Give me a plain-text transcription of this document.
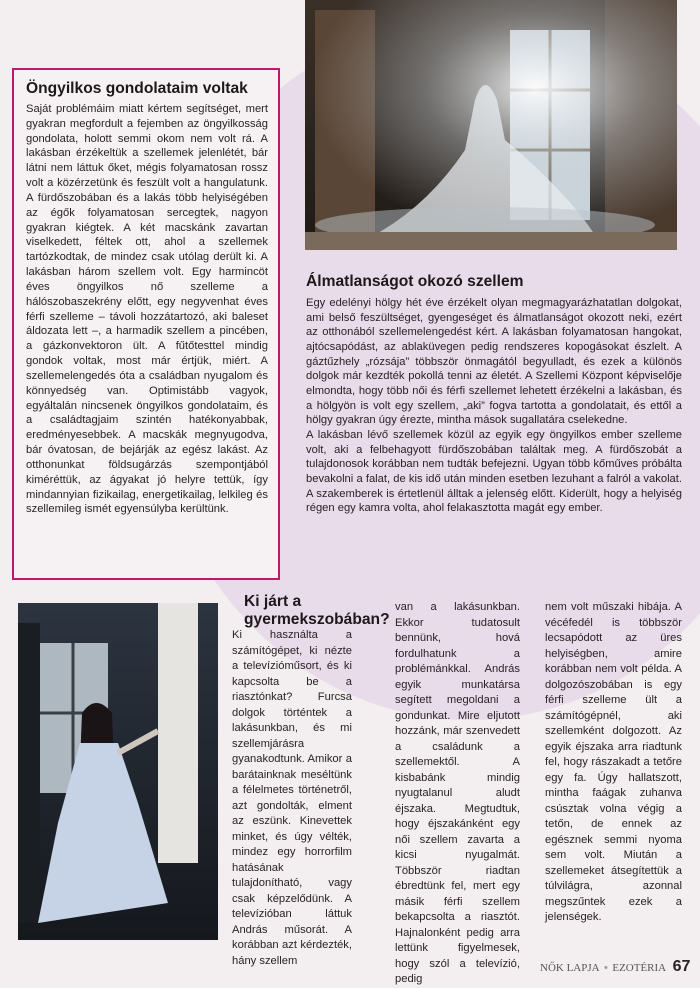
Öngyilkos gondolataim voltak

Saját problémáim miatt kértem segítséget, mert gyakran megfordult a fejemben az öngyilkosság gondolata, holott semmi okom nem volt rá. A lakásban érzékeltük a szellemek jelenlétét, bár látni nem láttuk őket, mégis folyamatosan rossz volt a közérzetünk és feszült volt a hangulatunk. A fürdőszobában és a lakás több helyiségében az égők folyamatosan sercegtek, nagyon gyakran kiégtek. A két macskánk zavartan viselkedett, féltek ott, ahol a szellemek tartózkodtak, de mindez csak utólag derült ki. A lakásban három szellem volt. Egy harmincöt éves öngyilkos nő szelleme a hálószobaszekrény előtt, egy negyvenhat éves férfi szelleme – távoli hozzátartozó, aki baleset áldozata lett –, a harmadik szellem a pincében, a gázkonvektoron ült. A fűtőtesttel mindig gondok voltak, most már értjük, miért. A szellemelengedés óta a családban nyugalom és könnyedség van. Optimistább vagyok, egyáltalán nincsenek öngyilkos gondolataim, és a családtagjaim szintén hatékonyabbak, eredményesebbek. A macskák megnyugodva, bár óvatosan, de bejárják az egész lakást. Az otthonunkat földsugárzás szempontjából kiméréttük, az ágyakat jó helyre tettük, így mindannyian fizikailag, energetikailag, lelkileg és szellemileg ismét egyensúlyba kerültünk.

Álmatlanságot okozó szellem

Egy edelényi hölgy hét éve érzékelt olyan megmagyarázhatatlan dolgokat, ami belső feszültséget, gyengeséget és álmatlanságot okozott neki, ezért az otthonából szellemelengedést kért. A lakásban folyamatosan hangokat, ajtócsapódást, az ablaküvegen pedig rendszeres kopogásokat észlelt. A gáztűzhely „rózsája” többször önmagától begyulladt, és ezek a különös dolgok már kezdték pokollá tenni az életét. A Szellemi Központ képviselője elmondta, hogy több női és férfi szellemet lehetett érzékelni a lakásban, és a hölgyön is volt egy szellem, „aki” fogva tartotta a gondolatait, és ettől a hölgy gyakran úgy érezte, mintha mások sugallatára cselekedne.

A lakásban lévő szellemek közül az egyik egy öngyilkos ember szelleme volt, aki a felbehagyott fürdőszobában találtak meg. A fürdőszobát a tulajdonosok korábban nem tudták befejezni. Ugyan több kőműves próbálta bevakolni a falat, de kis idő után minden esetben lezuhant a falról a vakolat. A szakemberek is értetlenül álltak a jelenség előtt. Kiderült, hogy a helyiség régen egy kamra volta, ahol felakasztotta magát egy ember.

Ki járt a gyermekszobában?
Ki használta a számítógépet, ki nézte a televízióműsort, és ki kapcsolta be a riasztónkat? Furcsa dolgok történtek a lakásunkban, és mi szellemjárásra gyanakodtunk. Amikor a barátainknak meséltünk a félelmetes történetről, azt gondolták, elment az eszünk. Kinevettek minket, és úgy vélték, mindez egy horrorfilm hatásának tulajdonítható, vagy csak képzelődünk. A televízióban láttuk András műsorát. A korábban azt kérdezték, hány szellem
van a lakásunkban. Ekkor tudatosult bennünk, hová fordulhatunk a problémánkkal. András egyik munkatársa segített megoldani a gondunkat. Mire eljutott hozzánk, már szenvedett a családunk a szellemektől. A kisbabánk mindig nyugtalanul aludt éjszaka. Megtudtuk, hogy éjszakánként egy női szellem zavarta a kicsi nyugalmát. Többször riadtan ébredtünk fel, mert egy másik férfi szellem bekapcsolta a riasztót. Hajnalonként pedig arra lettünk figyelmesek, hogy szól a televízió, pedig
nem volt műszaki hibája. A vécéfedél is többször lecsapódott az üres helyiségben, amire korábban nem volt példa. A dolgozószobában is egy férfi szelleme ült a számítógépnél, aki szellemként dolgozott. Az egyik éjszaka arra riadtunk fel, hogy rászakadt a tetőre egy fa. Úgy hallatszott, mintha faágak zuhanva csúsztak volna végig a tetőn, de ennek az egésznek semmi nyoma sem volt. Miután a szellemeket átsegítettük a túlvilágra, azonnal megszűntek ezek a jelenségek.
NŐK LAPJA • EZOTÉRIA 67
